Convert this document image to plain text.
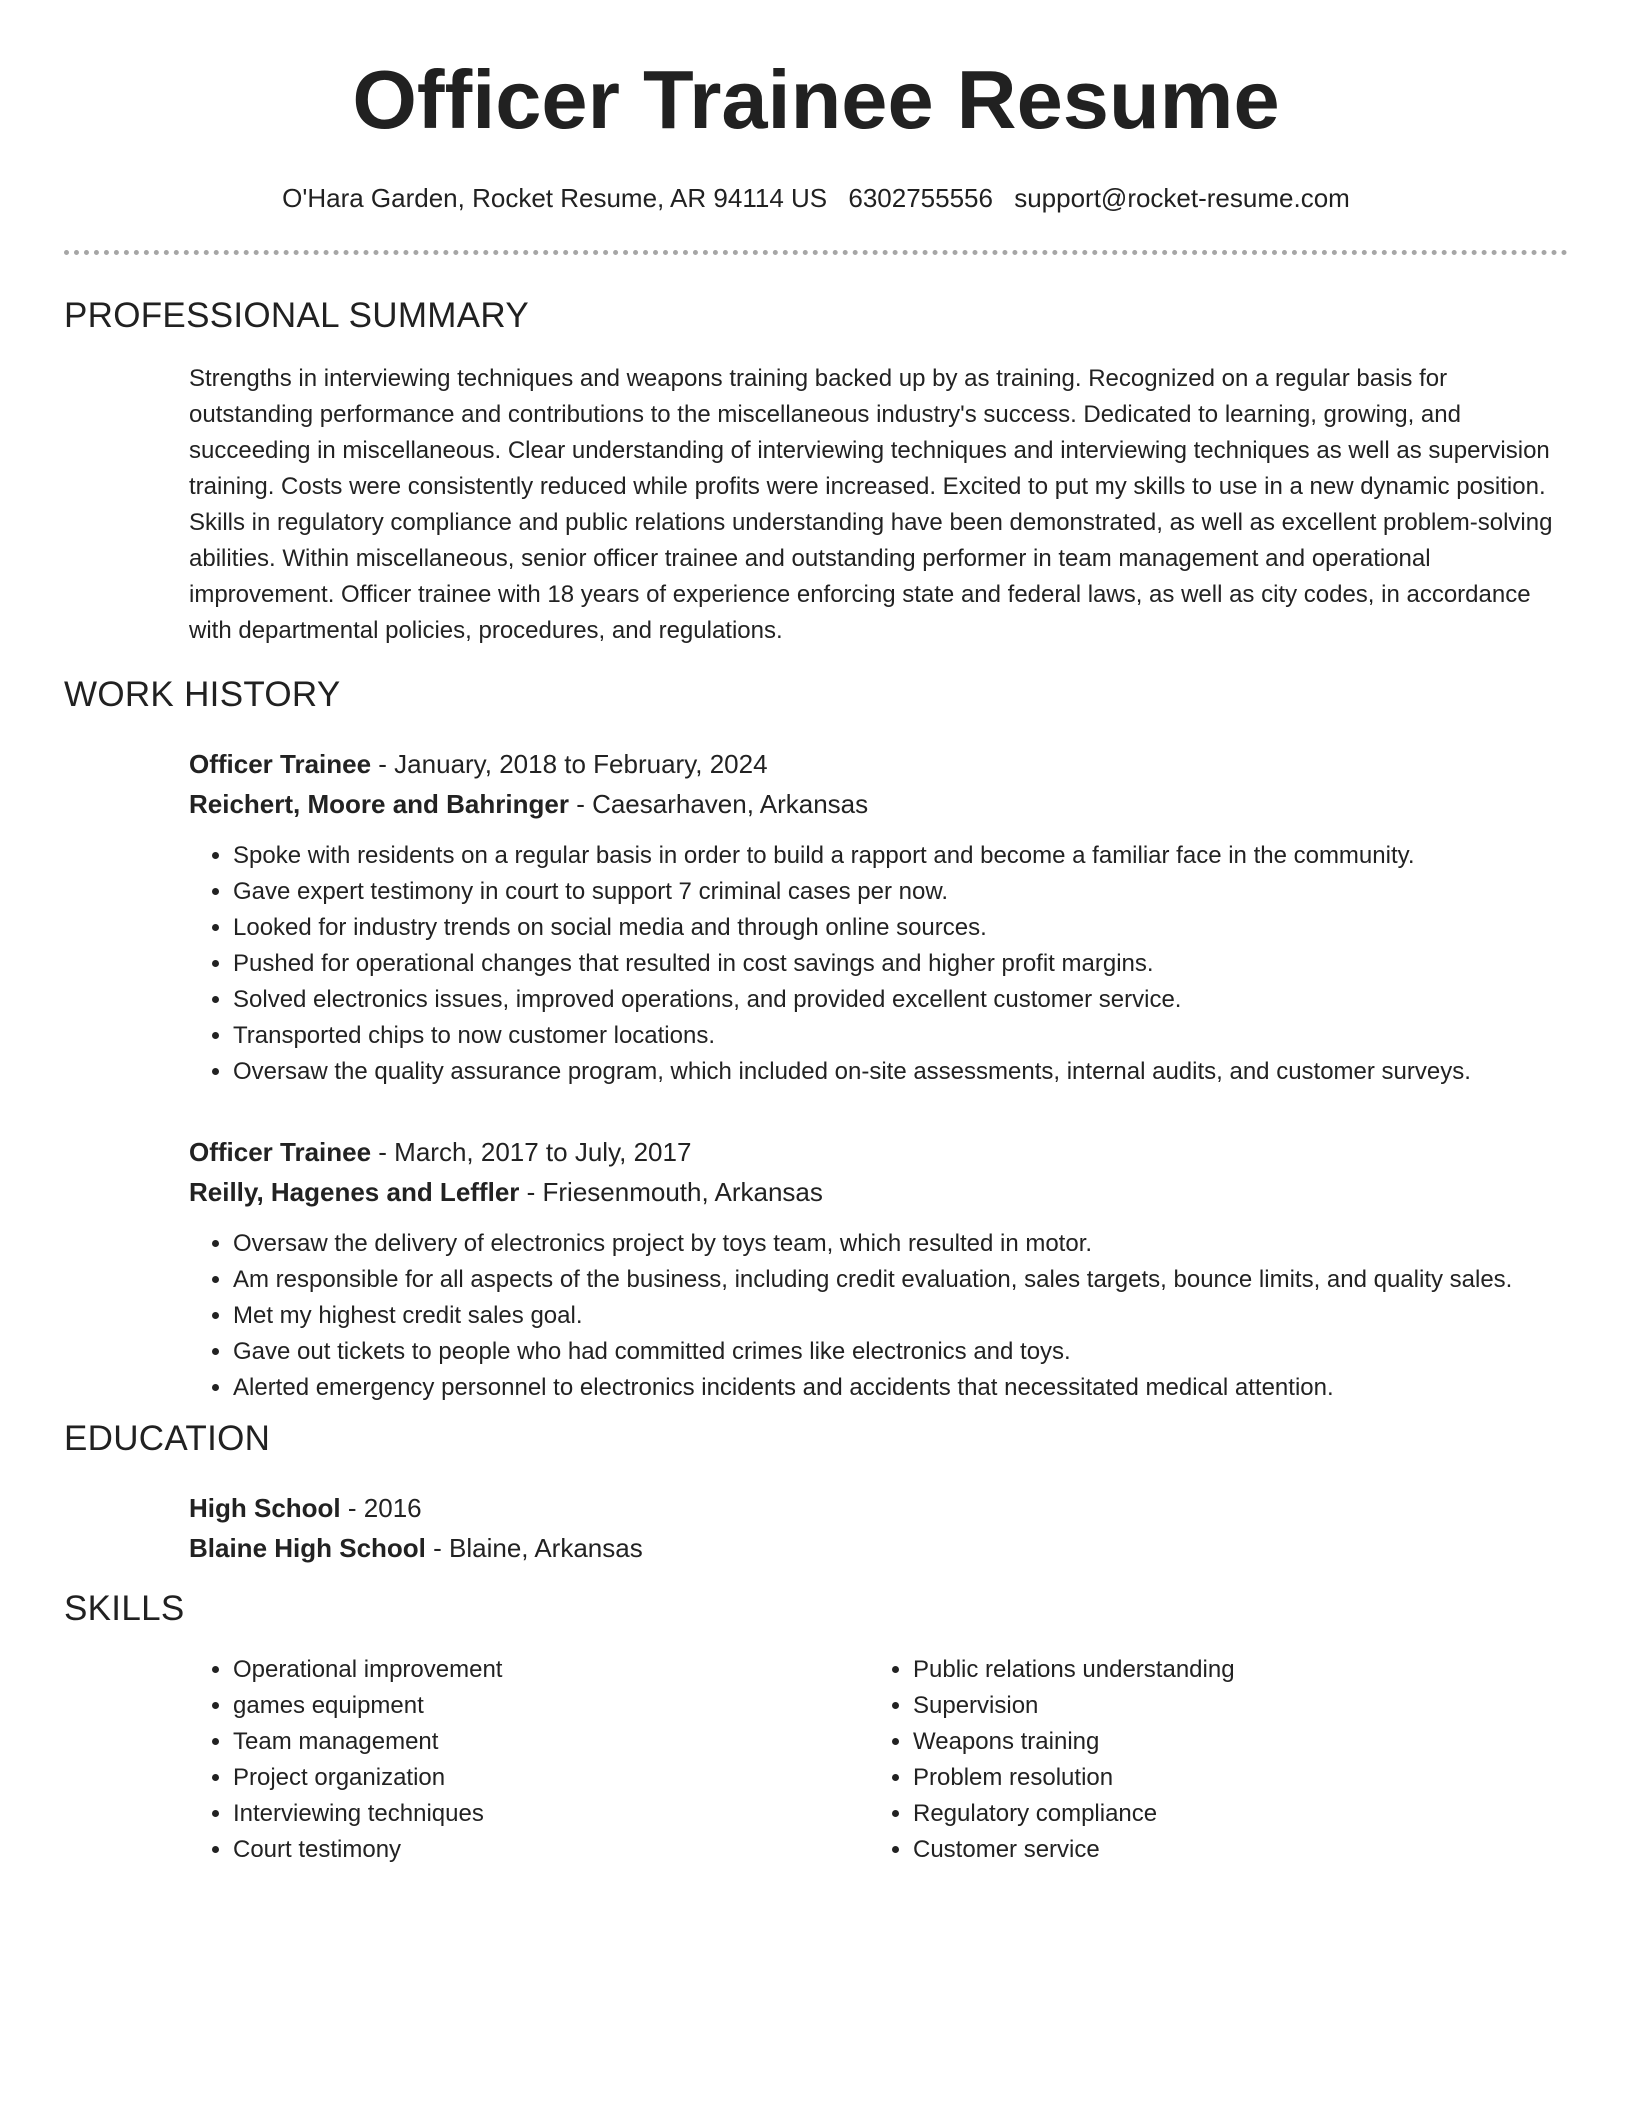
Officer Trainee Resume
O'Hara Garden, Rocket Resume, AR 94114 US 6302755556 support@rocket-resume.com
PROFESSIONAL SUMMARY
Strengths in interviewing techniques and weapons training backed up by as training. Recognized on a regular basis for outstanding performance and contributions to the miscellaneous industry's success. Dedicated to learning, growing, and succeeding in miscellaneous. Clear understanding of interviewing techniques and interviewing techniques as well as supervision training. Costs were consistently reduced while profits were increased. Excited to put my skills to use in a new dynamic position. Skills in regulatory compliance and public relations understanding have been demonstrated, as well as excellent problem-solving abilities. Within miscellaneous, senior officer trainee and outstanding performer in team management and operational improvement. Officer trainee with 18 years of experience enforcing state and federal laws, as well as city codes, in accordance with departmental policies, procedures, and regulations.
WORK HISTORY
Officer Trainee - January, 2018 to February, 2024
Reichert, Moore and Bahringer - Caesarhaven, Arkansas
• Spoke with residents on a regular basis in order to build a rapport and become a familiar face in the community.
• Gave expert testimony in court to support 7 criminal cases per now.
• Looked for industry trends on social media and through online sources.
• Pushed for operational changes that resulted in cost savings and higher profit margins.
• Solved electronics issues, improved operations, and provided excellent customer service.
• Transported chips to now customer locations.
• Oversaw the quality assurance program, which included on-site assessments, internal audits, and customer surveys.
Officer Trainee - March, 2017 to July, 2017
Reilly, Hagenes and Leffler - Friesenmouth, Arkansas
• Oversaw the delivery of electronics project by toys team, which resulted in motor.
• Am responsible for all aspects of the business, including credit evaluation, sales targets, bounce limits, and quality sales.
• Met my highest credit sales goal.
• Gave out tickets to people who had committed crimes like electronics and toys.
• Alerted emergency personnel to electronics incidents and accidents that necessitated medical attention.
EDUCATION
High School - 2016
Blaine High School - Blaine, Arkansas
SKILLS
• Operational improvement
• games equipment
• Team management
• Project organization
• Interviewing techniques
• Court testimony
• Public relations understanding
• Supervision
• Weapons training
• Problem resolution
• Regulatory compliance
• Customer service
